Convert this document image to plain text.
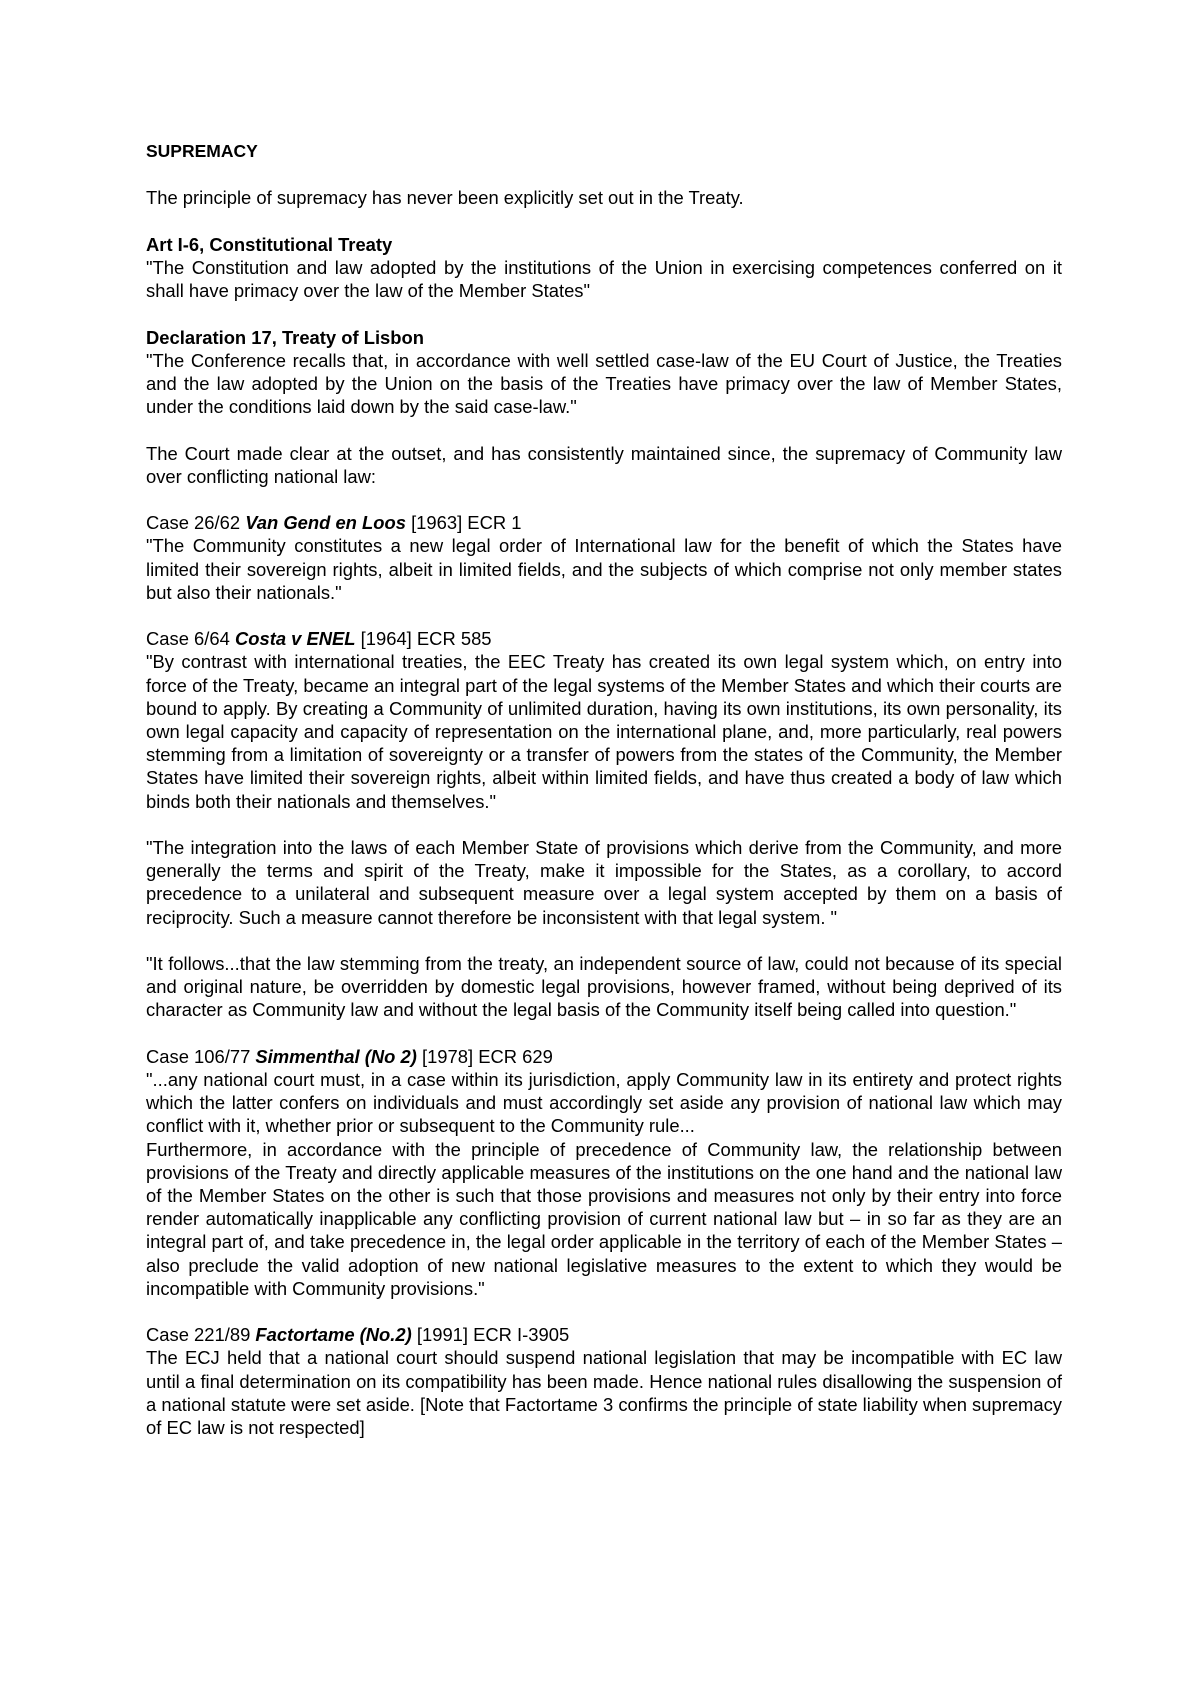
SUPREMACY

The principle of supremacy has never been explicitly set out in the Treaty.

Art I-6, Constitutional Treaty

"The Constitution and law adopted by the institutions of the Union in exercising competences conferred on it shall have primacy over the law of the Member States"

Declaration 17, Treaty of Lisbon

"The Conference recalls that, in accordance with well settled case-law of the EU Court of Justice, the Treaties and the law adopted by the Union on the basis of the Treaties have primacy over the law of Member States, under the conditions laid down by the said case-law."

The Court made clear at the outset, and has consistently maintained since, the supremacy of Community law over conflicting national law:

Case 26/62 Van Gend en Loos [1963] ECR 1

"The Community constitutes a new legal order of International law for the benefit of which the States have limited their sovereign rights, albeit in limited fields, and the subjects of which comprise not only member states but also their nationals."

Case 6/64 Costa v ENEL [1964] ECR 585

"By contrast with international treaties, the EEC Treaty has created its own legal system which, on entry into force of the Treaty, became an integral part of the legal systems of the Member States and which their courts are bound to apply. By creating a Community of unlimited duration, having its own institutions, its own personality, its own legal capacity and capacity of representation on the international plane, and, more particularly, real powers stemming from a limitation of sovereignty or a transfer of powers from the states of the Community, the Member States have limited their sovereign rights, albeit within limited fields, and have thus created a body of law which binds both their nationals and themselves."

"The integration into the laws of each Member State of provisions which derive from the Community, and more generally the terms and spirit of the Treaty, make it impossible for the States, as a corollary, to accord precedence to a unilateral and subsequent measure over a legal system accepted by them on a basis of reciprocity. Such a measure cannot therefore be inconsistent with that legal system. "

"It follows...that the law stemming from the treaty, an independent source of law, could not because of its special and original nature, be overridden by domestic legal provisions, however framed, without being deprived of its character as Community law and without the legal basis of the Community itself being called into question."

Case 106/77 Simmenthal (No 2) [1978] ECR 629

"...any national court must, in a case within its jurisdiction, apply Community law in its entirety and protect rights which the latter confers on individuals and must accordingly set aside any provision of national law which may conflict with it, whether prior or subsequent to the Community rule...

Furthermore, in accordance with the principle of precedence of Community law, the relationship between provisions of the Treaty and directly applicable measures of the institutions on the one hand and the national law of the Member States on the other is such that those provisions and measures not only by their entry into force render automatically inapplicable any conflicting provision of current national law but – in so far as they are an integral part of, and take precedence in, the legal order applicable in the territory of each of the Member States – also preclude the valid adoption of new national legislative measures to the extent to which they would be incompatible with Community provisions."

Case 221/89 Factortame (No.2) [1991] ECR I-3905

The ECJ held that a national court should suspend national legislation that may be incompatible with EC law until a final determination on its compatibility has been made. Hence national rules disallowing the suspension of a national statute were set aside. [Note that Factortame 3 confirms the principle of state liability when supremacy of EC law is not respected]
